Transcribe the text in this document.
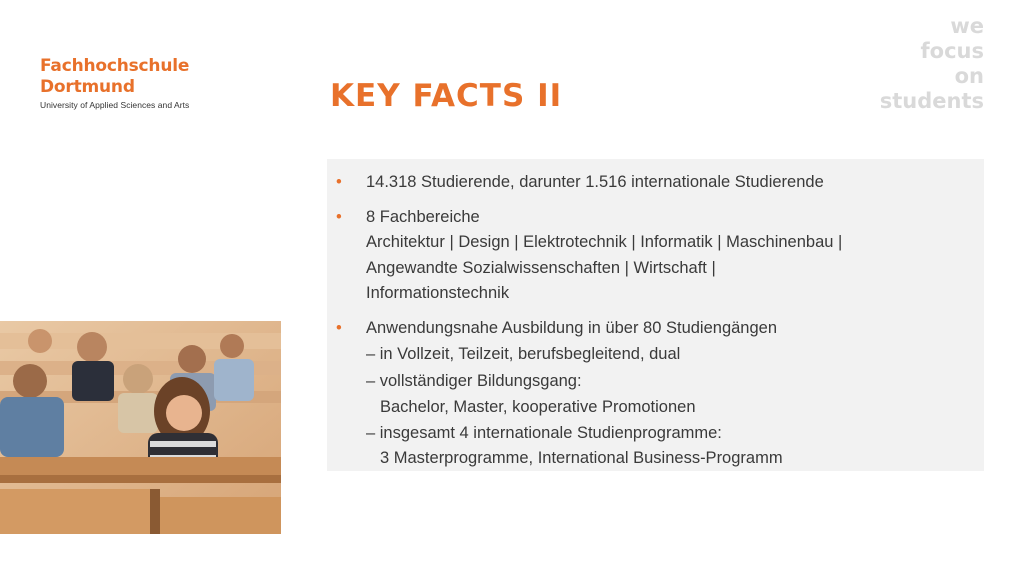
Fachhochschule
Dortmund
University of Applied Sciences and Arts
we
focus
on
students
KEY FACTS II
• 14.318 Studierende, darunter 1.516 internationale Studierende
• 8 Fachbereiche
Architektur | Design | Elektrotechnik | Informatik | Maschinenbau |
Angewandte Sozialwissenschaften | Wirtschaft |
Informationstechnik
• Anwendungsnahe Ausbildung in über 80 Studiengängen
– in Vollzeit, Teilzeit, berufsbegleitend, dual
– vollständiger Bildungsgang:
Bachelor, Master, kooperative Promotionen
– insgesamt 4 internationale Studienprogramme:
3 Masterprogramme, International Business-Programm
